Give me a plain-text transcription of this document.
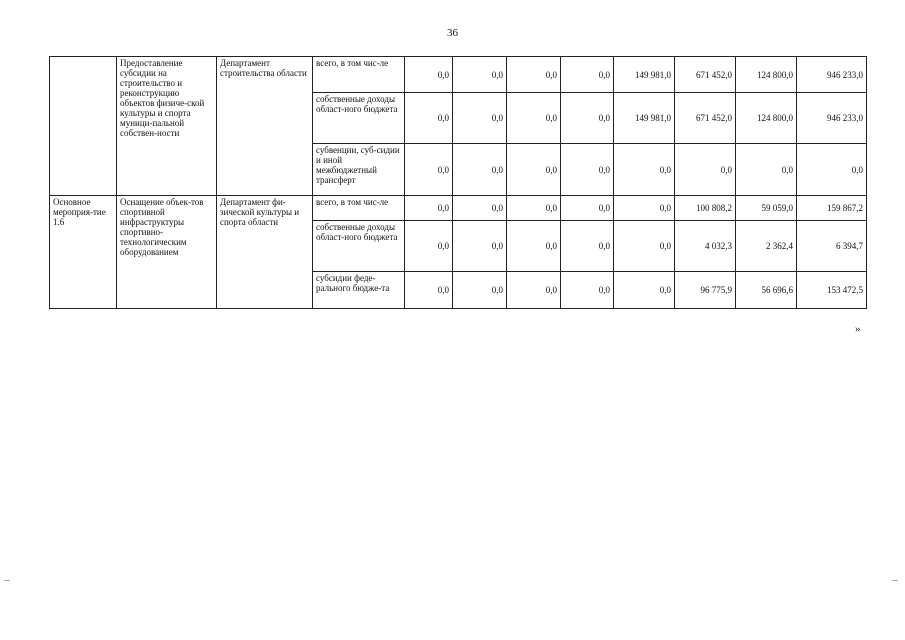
36
	Предоставление субсидии на строительство и реконструкцию объектов физиче-ской культуры и спорта муници-пальной собствен-ности	Департамент строительства области	всего, в том чис-ле	0,0	0,0	0,0	0,0	149 981,0	671 452,0	124 800,0	946 233,0
			собственные доходы област-ного бюджета	0,0	0,0	0,0	0,0	149 981,0	671 452,0	124 800,0	946 233,0
			субвенции, суб-сидии и иной межбюджетный трансферт	0,0	0,0	0,0	0,0	0,0	0,0	0,0	0,0
Основное мероприя-тие 1.6	Оснащение объек-тов спортивной инфраструктуры спортивно-технологическим оборудованием	Департамент фи-зической культуры и спорта области	всего, в том чис-ле	0,0	0,0	0,0	0,0	0,0	100 808,2	59 059,0	159 867,2
			собственные доходы област-ного бюджета	0,0	0,0	0,0	0,0	0,0	4 032,3	2 362,4	6 394,7
			субсидии феде-рального бюдже-та	0,0	0,0	0,0	0,0	0,0	96 775,9	56 696,6	153 472,5
»
